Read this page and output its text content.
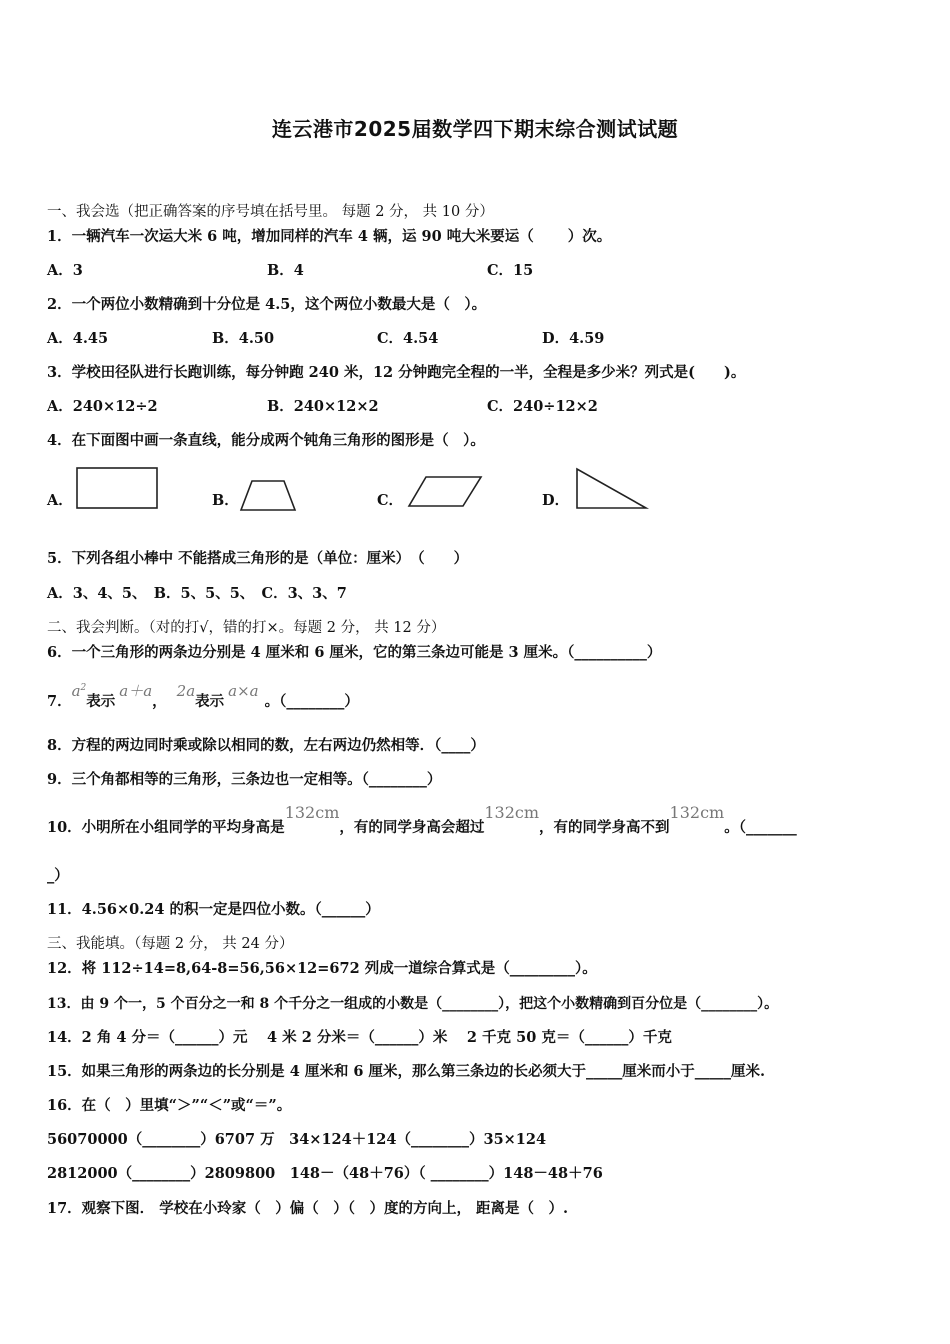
连云港市2025届数学四下期末综合测试试题
一、我会选（把正确答案的序号填在括号里。 每题 2 分， 共 10 分）
1．一辆汽车一次运大米 6 吨，增加同样的汽车 4 辆，运 90 吨大米要运（　　 ）次。
A．3	B．4	C．15
2．一个两位小数精确到十分位是 4.5，这个两位小数最大是（　）。
A．4.45	B．4.50	C．4.54	D．4.59
3．学校田径队进行长跑训练，每分钟跑 240 米，12 分钟跑完全程的一半，全程是多少米？列式是(　　)。
A．240×12÷2	B．240×12×2	C．240÷12×2
4．在下面图中画一条直线，能分成两个钝角三角形的图形是（　）。
A．	B．	C．	D．
5．下列各组小棒中 不能搭成三角形的是（单位：厘米）　（　　）
A．3、4、5、　B．5、5、5、　C．3、3、7
二、我会判断。（对的打√，错的打×。每题 2 分， 共 12 分）
6．一个三角形的两条边分别是 4 厘米和 6 厘米，它的第三条边可能是 3 厘米。（__________）
7．$a^2$表示a＋a，2a表示a×a。（________）
8．方程的两边同时乘或除以相同的数，左右两边仍然相等．（____）
9．三个角都相等的三角形，三条边也一定相等。（________）
10．小明所在小组同学的平均身高是132cm，有的同学身高会超过132cm，有的同学身高不到132cm。（_______
_）
11．4.56×0.24 的积一定是四位小数。（______）
三、我能填。（每题 2 分， 共 24 分）
12．将 112÷14=8,64-8=56,56×12=672 列成一道综合算式是（_________）。
13．由 9 个一，5 个百分之一和 8 个千分之一组成的小数是（________），把这个小数精确到百分位是（________）。
14．2 角 4 分＝（______）元　 4 米 2 分米＝（______）米　 2 千克 50 克＝（______）千克
15．如果三角形的两条边的长分别是 4 厘米和 6 厘米，那么第三条边的长必须大于_____厘米而小于_____厘米.
16．在（　）里填“＞”“＜”或“＝”。
56070000（________）6707 万　34×124＋124（________）35×124
2812000（________）2809800　148－（48＋76）（ ________）148－48＋76
17．观察下图． 学校在小玲家（　）偏（　）（　）度的方向上， 距离是（　）.
